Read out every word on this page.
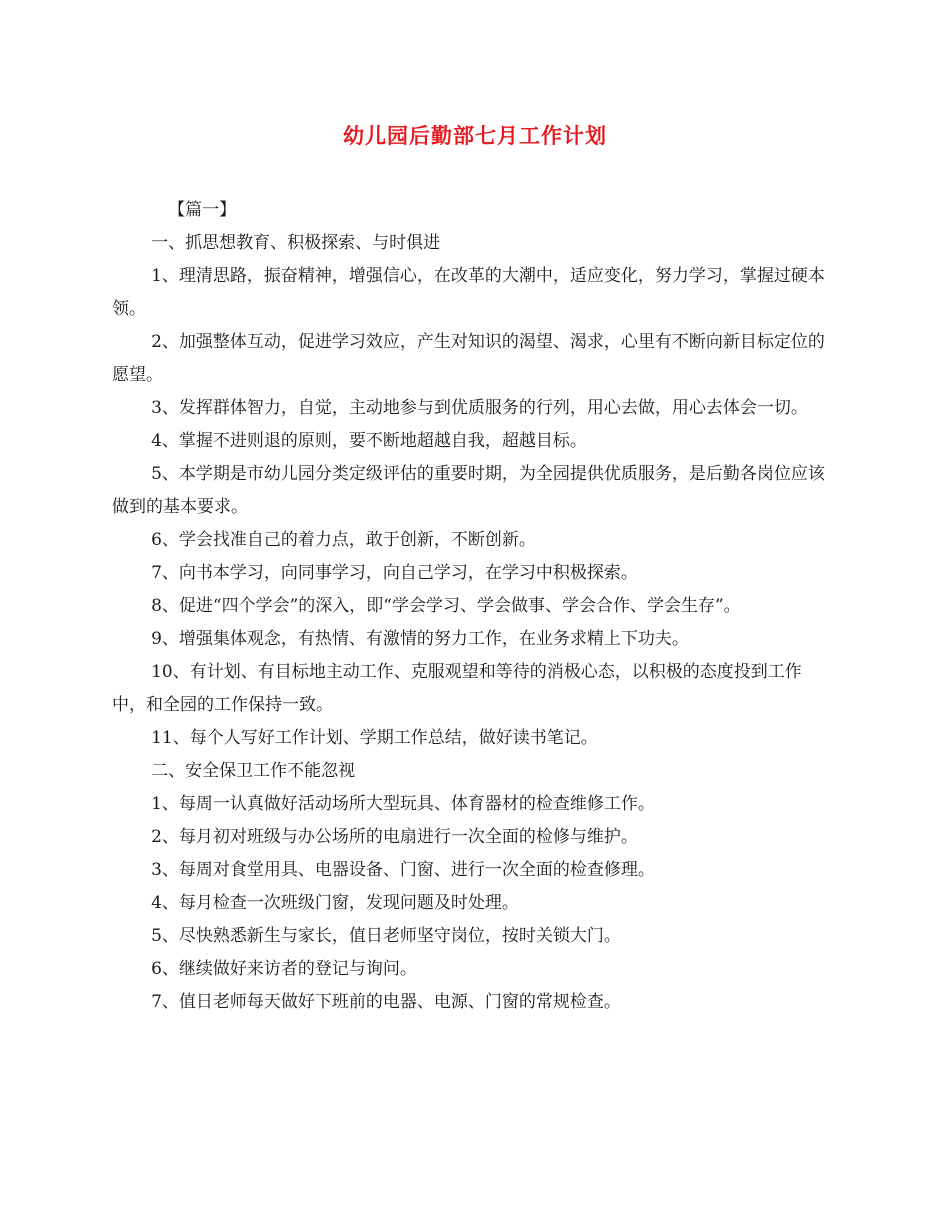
幼儿园后勤部七月工作计划

【篇一】

一、抓思想教育、积极探索、与时俱进

1、理清思路，振奋精神，增强信心，在改革的大潮中，适应变化，努力学习，掌握过硬本领。

2、加强整体互动，促进学习效应，产生对知识的渴望、渴求，心里有不断向新目标定位的愿望。

3、发挥群体智力，自觉，主动地参与到优质服务的行列，用心去做，用心去体会一切。

4、掌握不进则退的原则，要不断地超越自我，超越目标。

5、本学期是市幼儿园分类定级评估的重要时期，为全园提供优质服务，是后勤各岗位应该做到的基本要求。

6、学会找准自己的着力点，敢于创新，不断创新。

7、向书本学习，向同事学习，向自己学习，在学习中积极探索。

8、促进“四个学会”的深入，即“学会学习、学会做事、学会合作、学会生存”。

9、增强集体观念，有热情、有激情的努力工作，在业务求精上下功夫。

10、有计划、有目标地主动工作、克服观望和等待的消极心态，以积极的态度投到工作中，和全园的工作保持一致。

11、每个人写好工作计划、学期工作总结，做好读书笔记。

二、安全保卫工作不能忽视

1、每周一认真做好活动场所大型玩具、体育器材的检查维修工作。

2、每月初对班级与办公场所的电扇进行一次全面的检修与维护。

3、每周对食堂用具、电器设备、门窗、进行一次全面的检查修理。

4、每月检查一次班级门窗，发现问题及时处理。

5、尽快熟悉新生与家长，值日老师坚守岗位，按时关锁大门。

6、继续做好来访者的登记与询问。

7、值日老师每天做好下班前的电器、电源、门窗的常规检查。
